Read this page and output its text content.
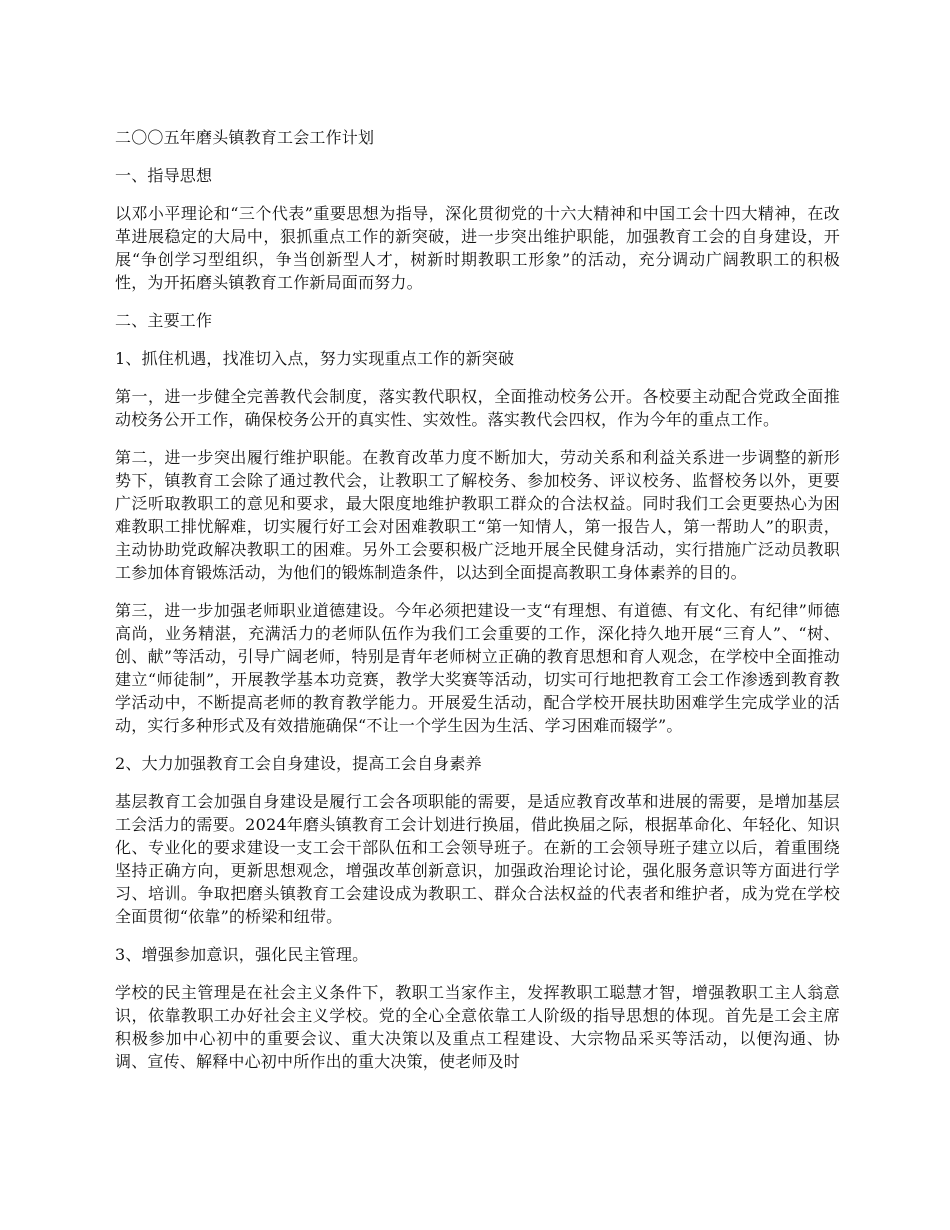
二〇〇五年磨头镇教育工会工作计划

一、指导思想

以邓小平理论和“三个代表”重要思想为指导，深化贯彻党的十六大精神和中国工会十四大精神，在改革进展稳定的大局中，狠抓重点工作的新突破，进一步突出维护职能，加强教育工会的自身建设，开展“争创学习型组织，争当创新型人才，树新时期教职工形象”的活动，充分调动广阔教职工的积极性，为开拓磨头镇教育工作新局面而努力。

二、主要工作

1、抓住机遇，找准切入点，努力实现重点工作的新突破

第一，进一步健全完善教代会制度，落实教代职权，全面推动校务公开。各校要主动配合党政全面推动校务公开工作，确保校务公开的真实性、实效性。落实教代会四权，作为今年的重点工作。

第二，进一步突出履行维护职能。在教育改革力度不断加大，劳动关系和利益关系进一步调整的新形势下，镇教育工会除了通过教代会，让教职工了解校务、参加校务、评议校务、监督校务以外，更要广泛听取教职工的意见和要求，最大限度地维护教职工群众的合法权益。同时我们工会更要热心为困难教职工排忧解难，切实履行好工会对困难教职工“第一知情人，第一报告人，第一帮助人”的职责，主动协助党政解决教职工的困难。另外工会要积极广泛地开展全民健身活动，实行措施广泛动员教职工参加体育锻炼活动，为他们的锻炼制造条件，以达到全面提高教职工身体素养的目的。

第三，进一步加强老师职业道德建设。今年必须把建设一支“有理想、有道德、有文化、有纪律”师德高尚，业务精湛，充满活力的老师队伍作为我们工会重要的工作，深化持久地开展“三育人”、“树、创、献”等活动，引导广阔老师，特别是青年老师树立正确的教育思想和育人观念，在学校中全面推动建立“师徒制”，开展教学基本功竞赛，教学大奖赛等活动，切实可行地把教育工会工作渗透到教育教学活动中，不断提高老师的教育教学能力。开展爱生活动，配合学校开展扶助困难学生完成学业的活动，实行多种形式及有效措施确保“不让一个学生因为生活、学习困难而辍学”。

2、大力加强教育工会自身建设，提高工会自身素养

基层教育工会加强自身建设是履行工会各项职能的需要，是适应教育改革和进展的需要，是增加基层工会活力的需要。2024年磨头镇教育工会计划进行换届，借此换届之际，根据革命化、年轻化、知识化、专业化的要求建设一支工会干部队伍和工会领导班子。在新的工会领导班子建立以后，着重围绕坚持正确方向，更新思想观念，增强改革创新意识，加强政治理论讨论，强化服务意识等方面进行学习、培训。争取把磨头镇教育工会建设成为教职工、群众合法权益的代表者和维护者，成为党在学校全面贯彻“依靠”的桥梁和纽带。

3、增强参加意识，强化民主管理。

学校的民主管理是在社会主义条件下，教职工当家作主，发挥教职工聪慧才智，增强教职工主人翁意识，依靠教职工办好社会主义学校。党的全心全意依靠工人阶级的指导思想的体现。首先是工会主席积极参加中心初中的重要会议、重大决策以及重点工程建设、大宗物品采买等活动，以便沟通、协调、宣传、解释中心初中所作出的重大决策，使老师及时
